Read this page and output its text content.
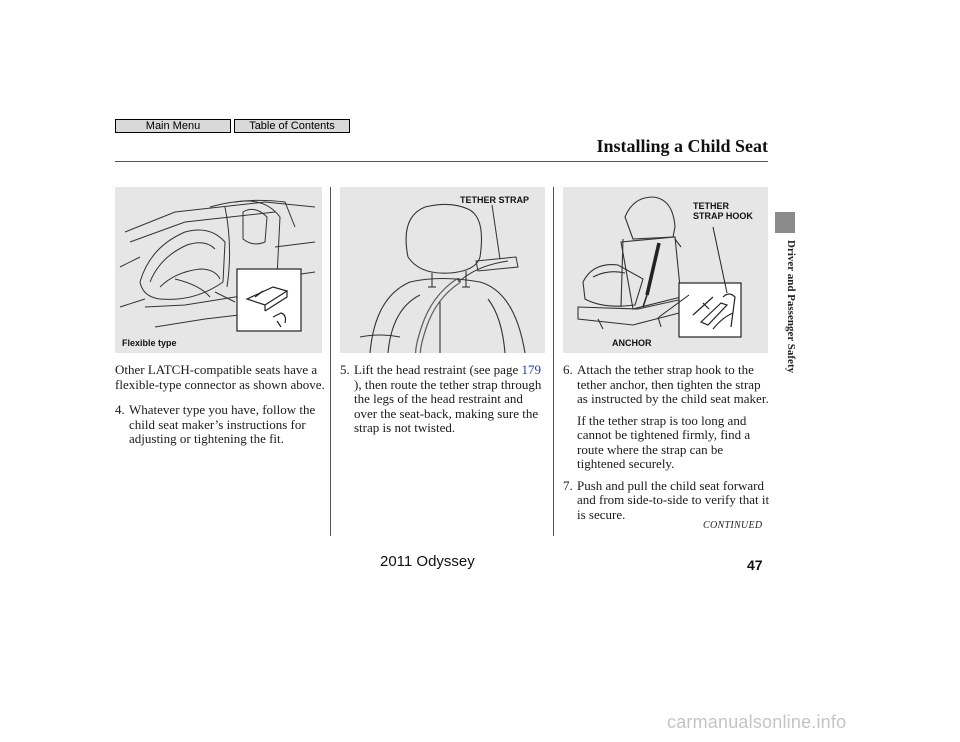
Main Menu	Table of Contents
Installing a Child Seat
Driver and Passenger Safety
Flexible type
TETHER STRAP
TETHER
STRAP HOOK
ANCHOR
Other LATCH-compatible seats have a flexible-type connector as shown above.
4. Whatever type you have, follow the child seat maker’s instructions for adjusting or tightening the fit.
5. Lift the head restraint (see page 179 ), then route the tether strap through the legs of the head restraint and over the seat-back, making sure the strap is not twisted.
6. Attach the tether strap hook to the tether anchor, then tighten the strap as instructed by the child seat maker.
If the tether strap is too long and cannot be tightened firmly, find a route where the strap can be tightened securely.
7. Push and pull the child seat forward and from side-to-side to verify that it is secure.
CONTINUED
47
2011 Odyssey
carmanualsonline.info
